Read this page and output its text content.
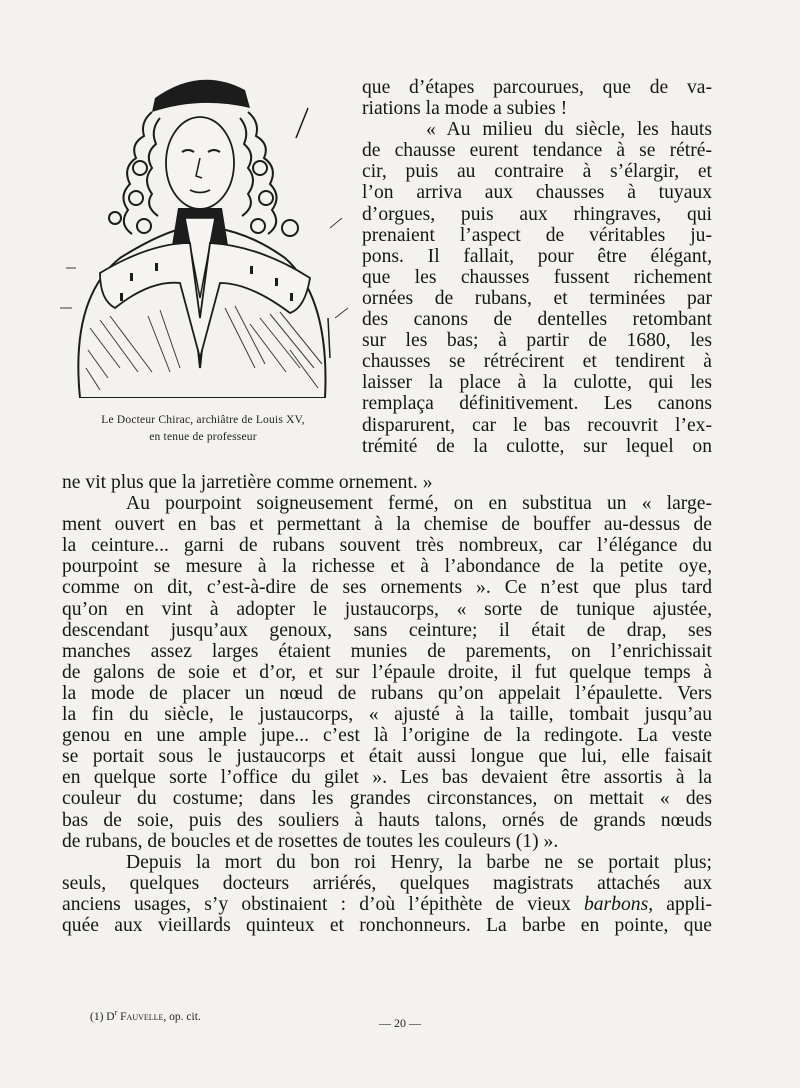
Le Docteur Chirac, archiâtre de Louis XV,
en tenue de professeur
que d’étapes parcourues, que de va-
riations la mode a subies !
« Au milieu du siècle, les hauts
de chausse eurent tendance à se rétré-
cir, puis au contraire à s’élargir, et
l’on arriva aux chausses à tuyaux
d’orgues, puis aux rhingraves, qui
prenaient l’aspect de véritables ju-
pons. Il fallait, pour être élégant,
que les chausses fussent richement
ornées de rubans, et terminées par
des canons de dentelles retombant
sur les bas; à partir de 1680, les
chausses se rétrécirent et tendirent à
laisser la place à la culotte, qui les
remplaça définitivement. Les canons
disparurent, car le bas recouvrit l’ex-
trémité de la culotte, sur lequel on
ne vit plus que la jarretière comme ornement. »
Au pourpoint soigneusement fermé, on en substitua un « large-
ment ouvert en bas et permettant à la chemise de bouffer au-dessus de
la ceinture... garni de rubans souvent très nombreux, car l’élégance du
pourpoint se mesure à la richesse et à l’abondance de la petite oye,
comme on dit, c’est-à-dire de ses ornements ». Ce n’est que plus tard
qu’on en vint à adopter le justaucorps, « sorte de tunique ajustée,
descendant jusqu’aux genoux, sans ceinture; il était de drap, ses
manches assez larges étaient munies de parements, on l’enrichissait
de galons de soie et d’or, et sur l’épaule droite, il fut quelque temps à
la mode de placer un nœud de rubans qu’on appelait l’épaulette. Vers
la fin du siècle, le justaucorps, « ajusté à la taille, tombait jusqu’au
genou en une ample jupe... c’est là l’origine de la redingote. La veste
se portait sous le justaucorps et était aussi longue que lui, elle faisait
en quelque sorte l’office du gilet ». Les bas devaient être assortis à la
couleur du costume; dans les grandes circonstances, on mettait « des
bas de soie, puis des souliers à hauts talons, ornés de grands nœuds
de rubans, de boucles et de rosettes de toutes les couleurs (1) ».
Depuis la mort du bon roi Henry, la barbe ne se portait plus;
seuls, quelques docteurs arriérés, quelques magistrats attachés aux
anciens usages, s’y obstinaient : d’où l’épithète de vieux barbons, appli-
quée aux vieillards quinteux et ronchonneurs. La barbe en pointe, que
(1) $D^r$ Fauvelle, op. cit.	— 20 —
